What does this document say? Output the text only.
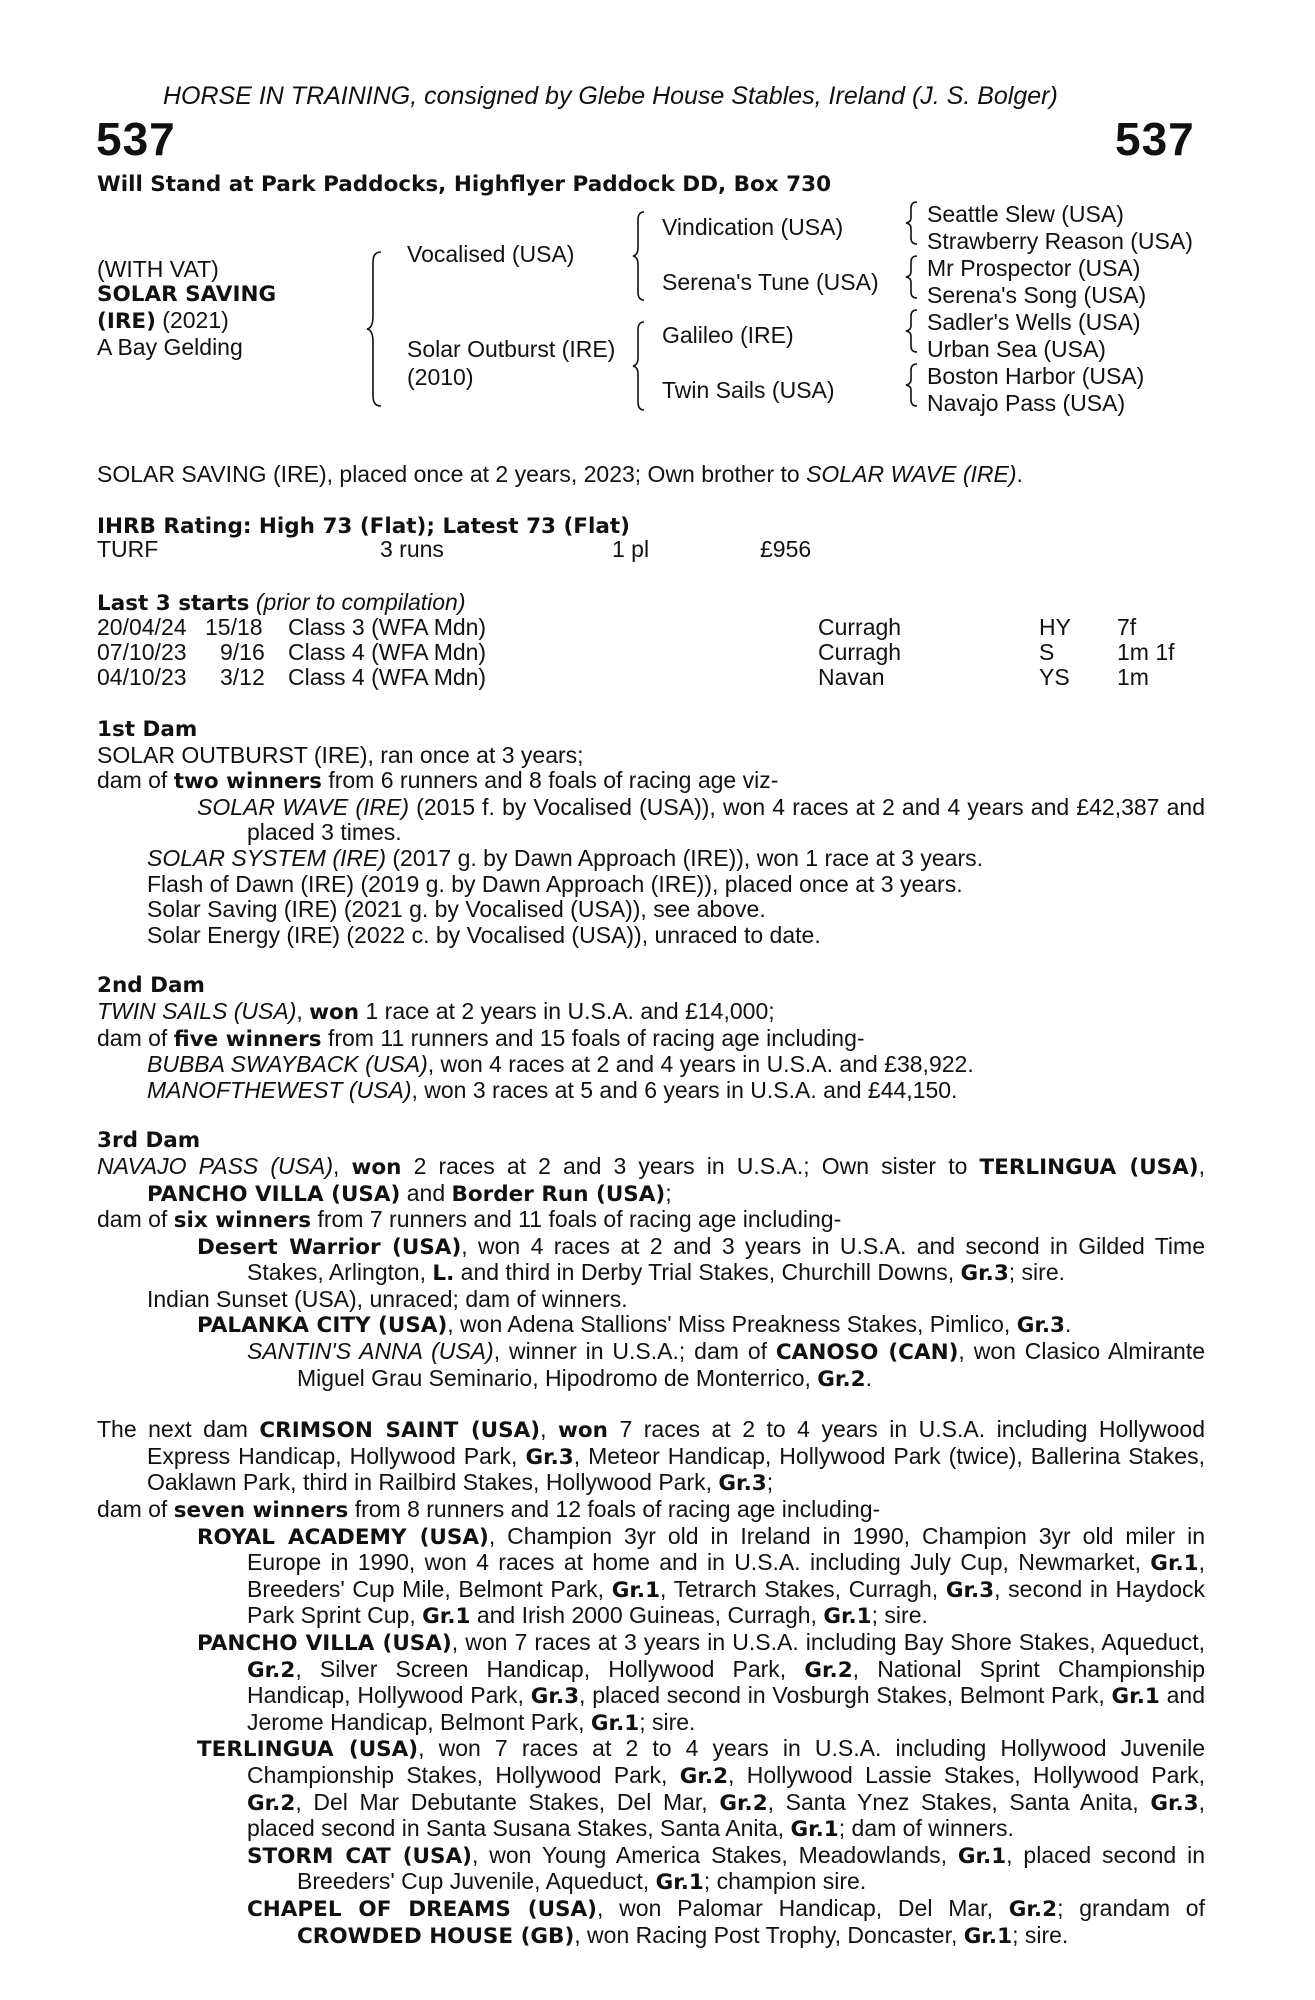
HORSE IN TRAINING, consigned by Glebe House Stables, Ireland (J. S. Bolger)
537	537
Will Stand at Park Paddocks, Highflyer Paddock DD, Box 730
(WITH VAT)
SOLAR SAVING
(IRE) (2021)
A Bay Gelding
Vocalised (USA)
Solar Outburst (IRE)
(2010)
Vindication (USA)
Serena's Tune (USA)
Galileo (IRE)
Twin Sails (USA)
Seattle Slew (USA)
Strawberry Reason (USA)
Mr Prospector (USA)
Serena's Song (USA)
Sadler's Wells (USA)
Urban Sea (USA)
Boston Harbor (USA)
Navajo Pass (USA)
SOLAR SAVING (IRE), placed once at 2 years, 2023; Own brother to SOLAR WAVE (IRE).
IHRB Rating: High 73 (Flat); Latest 73 (Flat)
TURF	3 runs	1 pl	£956
Last 3 starts (prior to compilation)
20/04/24 15/18 Class 3 (WFA Mdn)	Curragh	HY 7f
07/10/23 9/16 Class 4 (WFA Mdn)	Curragh	S	1m 1f
04/10/23 3/12 Class 4 (WFA Mdn)	Navan	YS 1m
1st Dam
SOLAR OUTBURST (IRE), ran once at 3 years;
dam of two winners from 6 runners and 8 foals of racing age viz-
SOLAR WAVE (IRE) (2015 f. by Vocalised (USA)), won 4 races at 2 and 4 years and £42,387 and placed 3 times.
SOLAR SYSTEM (IRE) (2017 g. by Dawn Approach (IRE)), won 1 race at 3 years.
Flash of Dawn (IRE) (2019 g. by Dawn Approach (IRE)), placed once at 3 years.
Solar Saving (IRE) (2021 g. by Vocalised (USA)), see above.
Solar Energy (IRE) (2022 c. by Vocalised (USA)), unraced to date.
2nd Dam
TWIN SAILS (USA), won 1 race at 2 years in U.S.A. and £14,000;
dam of five winners from 11 runners and 15 foals of racing age including-
BUBBA SWAYBACK (USA), won 4 races at 2 and 4 years in U.S.A. and £38,922.
MANOFTHEWEST (USA), won 3 races at 5 and 6 years in U.S.A. and £44,150.
3rd Dam
NAVAJO PASS (USA), won 2 races at 2 and 3 years in U.S.A.; Own sister to TERLINGUA (USA), PANCHO VILLA (USA) and Border Run (USA);
dam of six winners from 7 runners and 11 foals of racing age including-
Desert Warrior (USA), won 4 races at 2 and 3 years in U.S.A. and second in Gilded Time Stakes, Arlington, L. and third in Derby Trial Stakes, Churchill Downs, Gr.3; sire.
Indian Sunset (USA), unraced; dam of winners.
PALANKA CITY (USA), won Adena Stallions' Miss Preakness Stakes, Pimlico, Gr.3.
SANTIN'S ANNA (USA), winner in U.S.A.; dam of CANOSO (CAN), won Clasico Almirante Miguel Grau Seminario, Hipodromo de Monterrico, Gr.2.
The next dam CRIMSON SAINT (USA), won 7 races at 2 to 4 years in U.S.A. including Hollywood Express Handicap, Hollywood Park, Gr.3, Meteor Handicap, Hollywood Park (twice), Ballerina Stakes, Oaklawn Park, third in Railbird Stakes, Hollywood Park, Gr.3;
dam of seven winners from 8 runners and 12 foals of racing age including-
ROYAL ACADEMY (USA), Champion 3yr old in Ireland in 1990, Champion 3yr old miler in Europe in 1990, won 4 races at home and in U.S.A. including July Cup, Newmarket, Gr.1, Breeders' Cup Mile, Belmont Park, Gr.1, Tetrarch Stakes, Curragh, Gr.3, second in Haydock Park Sprint Cup, Gr.1 and Irish 2000 Guineas, Curragh, Gr.1; sire.
PANCHO VILLA (USA), won 7 races at 3 years in U.S.A. including Bay Shore Stakes, Aqueduct, Gr.2, Silver Screen Handicap, Hollywood Park, Gr.2, National Sprint Championship Handicap, Hollywood Park, Gr.3, placed second in Vosburgh Stakes, Belmont Park, Gr.1 and Jerome Handicap, Belmont Park, Gr.1; sire.
TERLINGUA (USA), won 7 races at 2 to 4 years in U.S.A. including Hollywood Juvenile Championship Stakes, Hollywood Park, Gr.2, Hollywood Lassie Stakes, Hollywood Park, Gr.2, Del Mar Debutante Stakes, Del Mar, Gr.2, Santa Ynez Stakes, Santa Anita, Gr.3, placed second in Santa Susana Stakes, Santa Anita, Gr.1; dam of winners.
STORM CAT (USA), won Young America Stakes, Meadowlands, Gr.1, placed second in Breeders' Cup Juvenile, Aqueduct, Gr.1; champion sire.
CHAPEL OF DREAMS (USA), won Palomar Handicap, Del Mar, Gr.2; grandam of CROWDED HOUSE (GB), won Racing Post Trophy, Doncaster, Gr.1; sire.
